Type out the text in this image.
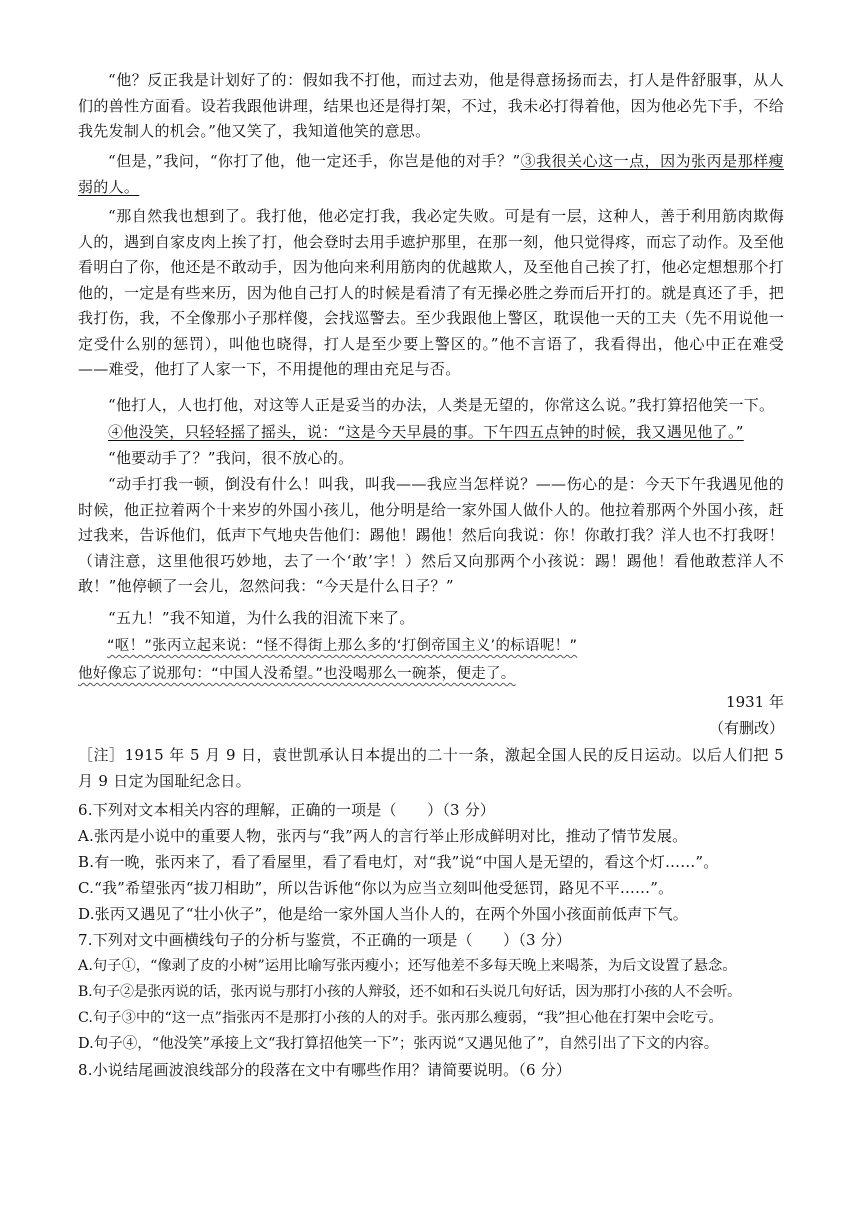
“他？反正我是计划好了的：假如我不打他，而过去劝，他是得意扬扬而去，打人是件舒服事，从人们的兽性方面看。设若我跟他讲理，结果也还是得打架，不过，我未必打得着他，因为他必先下手，不给我先发制人的机会。”他又笑了，我知道他笑的意思。

“但是，”我问，“你打了他，他一定还手，你岂是他的对手？”③我很关心这一点，因为张丙是那样瘦弱的人。

“那自然我也想到了。我打他，他必定打我，我必定失败。可是有一层，这种人，善于利用筋肉欺侮人的，遇到自家皮肉上挨了打，他会登时去用手遮护那里，在那一刻，他只觉得疼，而忘了动作。及至他看明白了你，他还是不敢动手，因为他向来利用筋肉的优越欺人，及至他自己挨了打，他必定想想那个打他的，一定是有些来历，因为他自己打人的时候是看清了有无操必胜之券而后开打的。就是真还了手，把我打伤，我，不全像那小子那样傻，会找巡警去。至少我跟他上警区，耽误他一天的工夫（先不用说他一定受什么别的惩罚），叫他也晓得，打人是至少要上警区的。”他不言语了，我看得出，他心中正在难受——难受，他打了人家一下，不用提他的理由充足与否。

“他打人，人也打他，对这等人正是妥当的办法，人类是无望的，你常这么说。”我打算招他笑一下。

④他没笑，只轻轻摇了摇头，说：“这是今天早晨的事。下午四五点钟的时候，我又遇见他了。”

“他要动手了？”我问，很不放心的。

“动手打我一顿，倒没有什么！叫我，叫我——我应当怎样说？——伤心的是：今天下午我遇见他的时候，他正拉着两个十来岁的外国小孩儿，他分明是给一家外国人做仆人的。他拉着那两个外国小孩，赶过我来，告诉他们，低声下气地央告他们：踢他！踢他！然后向我说：你！你敢打我？洋人也不打我呀！（请注意，这里他很巧妙地，去了一个‘敢’字！）然后又向那两个小孩说：踢！踢他！看他敢惹洋人不敢！”他停顿了一会儿，忽然问我：“今天是什么日子？”

“五九！”我不知道，为什么我的泪流下来了。

“呕！”张丙立起来说：“怪不得街上那么多的‘打倒帝国主义’的标语呢！”

他好像忘了说那句：“中国人没希望。”也没喝那么一碗茶，便走了。

1931 年
（有删改）

［注］1915 年 5 月 9 日，袁世凯承认日本提出的二十一条，激起全国人民的反日运动。以后人们把 5 月 9 日定为国耻纪念日。

6.下列对文本相关内容的理解，正确的一项是（　　）（3 分）

A.张丙是小说中的重要人物，张丙与“我”两人的言行举止形成鲜明对比，推动了情节发展。

B.有一晚，张丙来了，看了看屋里，看了看电灯，对“我”说“中国人是无望的，看这个灯……”。

C.“我”希望张丙“拔刀相助”，所以告诉他“你以为应当立刻叫他受惩罚，路见不平……”。

D.张丙又遇见了“壮小伙子”，他是给一家外国人当仆人的，在两个外国小孩面前低声下气。

7.下列对文中画横线句子的分析与鉴赏，不正确的一项是（　　）（3 分）

A.句子①，“像剥了皮的小树”运用比喻写张丙瘦小；还写他差不多每天晚上来喝茶，为后文设置了悬念。

B.句子②是张丙说的话，张丙说与那打小孩的人辩驳，还不如和石头说几句好话，因为那打小孩的人不会听。

C.句子③中的“这一点”指张丙不是那打小孩的人的对手。张丙那么瘦弱，“我”担心他在打架中会吃亏。

D.句子④，“他没笑”承接上文“我打算招他笑一下”；张丙说“又遇见他了”，自然引出了下文的内容。

8.小说结尾画波浪线部分的段落在文中有哪些作用？请简要说明。（6 分）
